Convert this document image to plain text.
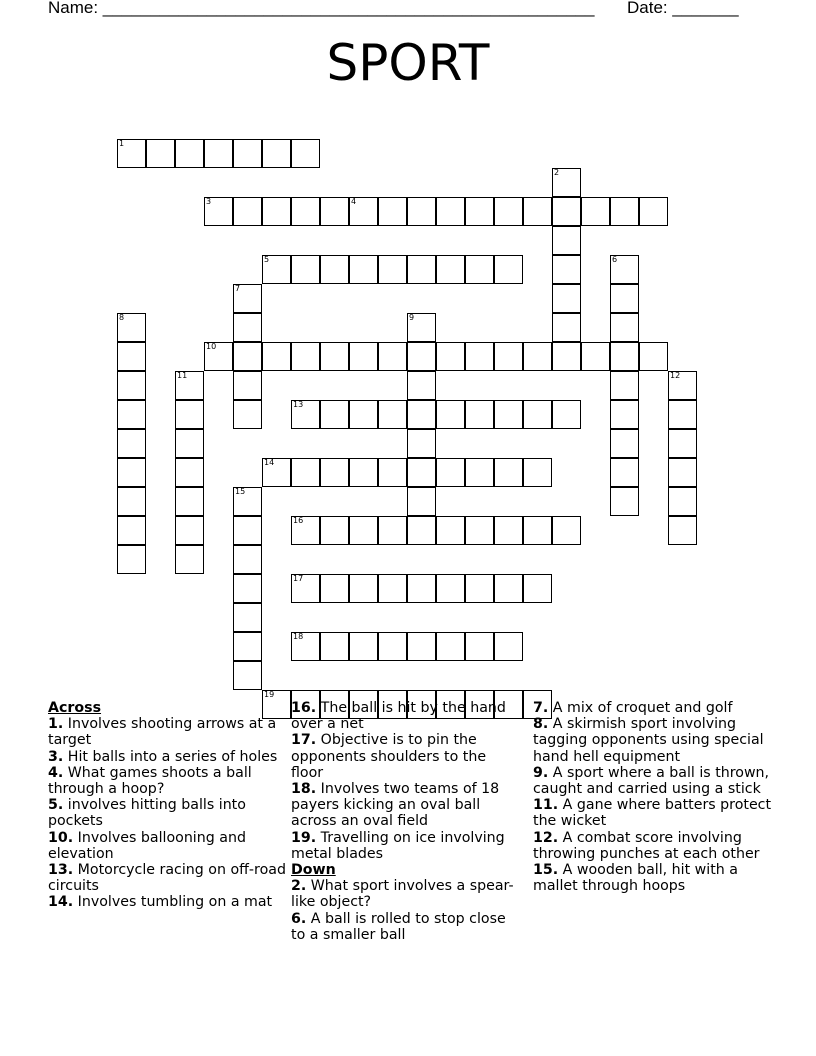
Name: ____________________________________________________ Date: _______
SPORT
1
2
3	4
5	6
7
8	9
10
11	12
13
14
15
16
17
18
19
Across
1. Involves shooting arrows at a target
3. Hit balls into a series of holes
4. What games shoots a ball through a hoop?
5. involves hitting balls into pockets
10. Involves ballooning and elevation
13. Motorcycle racing on off-road circuits
14. Involves tumbling on a mat
16. The ball is hit by the hand over a net
17. Objective is to pin the opponents shoulders to the floor
18. Involves two teams of 18 payers kicking an oval ball across an oval field
19. Travelling on ice involving metal blades
Down
2. What sport involves a spear-like object?
6. A ball is rolled to stop close to a smaller ball
7. A mix of croquet and golf
8. A skirmish sport involving tagging opponents using special hand hell equipment
9. A sport where a ball is thrown, caught and carried using a stick
11. A gane where batters protect the wicket
12. A combat score involving throwing punches at each other
15. A wooden ball, hit with a mallet through hoops
